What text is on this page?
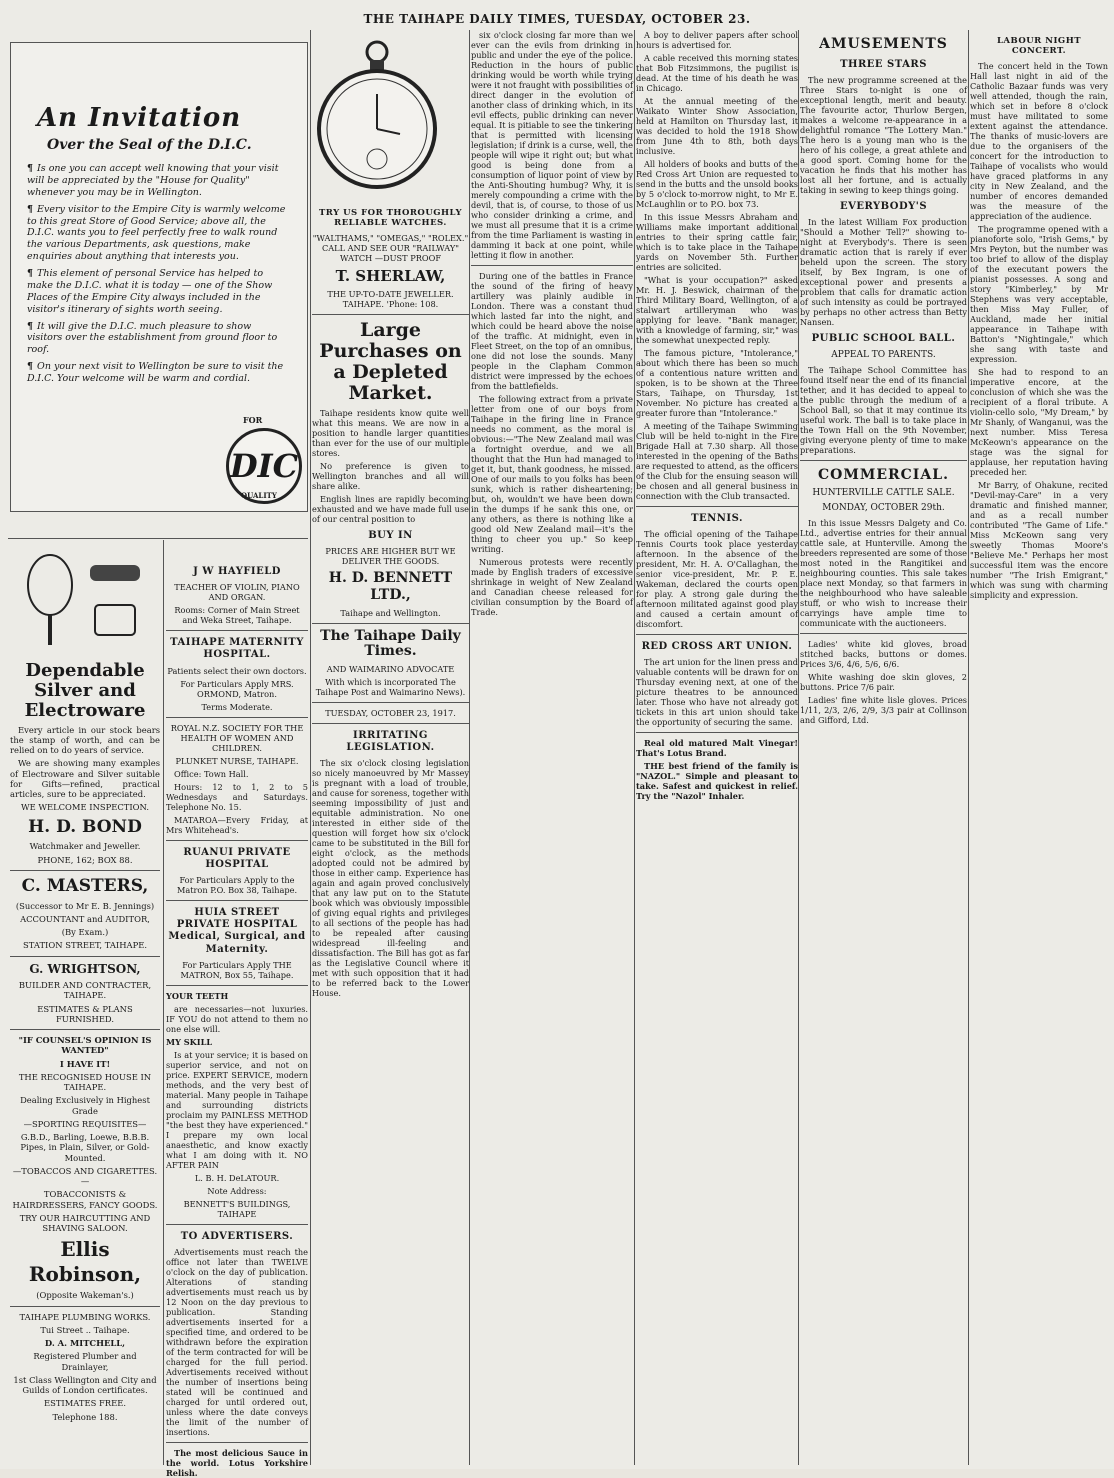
THE TAIHAPE DAILY TIMES, TUESDAY, OCTOBER 23.
An Invitation
Over the Seal of the D.I.C.

¶ Is one you can accept well knowing that your visit will be appreciated by the "House for Quality" whenever you may be in Wellington.

¶ Every visitor to the Empire City is warmly welcome to this great Store of Good Service; above all, the D.I.C. wants you to feel perfectly free to walk round the various Departments, ask questions, make enquiries about anything that interests you.

¶ This element of personal Service has helped to make the D.I.C. what it is today — one of the Show Places of the Empire City always included in the visitor's itinerary of sights worth seeing.

¶ It will give the D.I.C. much pleasure to show visitors over the establishment from ground floor to roof.

¶ On your next visit to Wellington be sure to visit the D.I.C. Your welcome will be warm and cordial.

FOR
DIC
QUALITY
Dependable Silver and Electroware

Every article in our stock bears the stamp of worth, and can be relied on to do years of service.

We are showing many examples of Electroware and Silver suitable for Gifts—refined, practical articles, sure to be appreciated.

WE WELCOME INSPECTION.

H. D. BOND

Watchmaker and Jeweller.

PHONE, 162; BOX 88.

C. MASTERS,

(Successor to Mr E. B. Jennings)

ACCOUNTANT and AUDITOR,

(By Exam.)

STATION STREET, TAIHAPE.

G. WRIGHTSON,

BUILDER AND CONTRACTER, TAIHAPE.

ESTIMATES & PLANS FURNISHED.

"IF COUNSEL'S OPINION IS WANTED"

I HAVE IT!

THE RECOGNISED HOUSE IN TAIHAPE.

Dealing Exclusively in Highest Grade

—SPORTING REQUISITES—

G.B.D., Barling, Loewe, B.B.B. Pipes, in Plain, Silver, or Gold-Mounted.

—TOBACCOS AND CIGARETTES.—

TOBACCONISTS & HAIRDRESSERS, FANCY GOODS.

TRY OUR HAIRCUTTING AND SHAVING SALOON.

Ellis Robinson,

(Opposite Wakeman's.)

TAIHAPE PLUMBING WORKS.

Tui Street .. Taihape.

D. A. MITCHELL,

Registered Plumber and Drainlayer,

1st Class Wellington and City and Guilds of London certificates.

ESTIMATES FREE.

Telephone 188.

J W HAYFIELD

TEACHER OF VIOLIN, PIANO AND ORGAN.

Rooms: Corner of Main Street and Weka Street, Taihape.

TAIHAPE MATERNITY HOSPITAL.

Patients select their own doctors.

For Particulars Apply MRS. ORMOND, Matron.

Terms Moderate.

ROYAL N.Z. SOCIETY FOR THE HEALTH OF WOMEN AND CHILDREN.

PLUNKET NURSE, TAIHAPE.

Office: Town Hall.

Hours: 12 to 1, 2 to 5 Wednesdays and Saturdays. Telephone No. 15.

MATAROA—Every Friday, at Mrs Whitehead's.

RUANUI PRIVATE HOSPITAL

For Particulars Apply to the Matron P.O. Box 38, Taihape.

HUIA STREET PRIVATE HOSPITAL Medical, Surgical, and Maternity.

For Particulars Apply THE MATRON, Box 55, Taihape.

YOUR TEETH

are necessaries—not luxuries. IF YOU do not attend to them no one else will.

MY SKILL

Is at your service; it is based on superior service, and not on price. EXPERT SERVICE, modern methods, and the very best of material. Many people in Taihape and surrounding districts proclaim my PAINLESS METHOD "the best they have experienced." I prepare my own local anaesthetic, and know exactly what I am doing with it. NO AFTER PAIN

L. B. H. DeLATOUR.

Note Address:

BENNETT'S BUILDINGS, TAIHAPE

TO ADVERTISERS.

Advertisements must reach the office not later than TWELVE o'clock on the day of publication. Alterations of standing advertisements must reach us by 12 Noon on the day previous to publication. Standing advertisements inserted for a specified time, and ordered to be withdrawn before the expiration of the term contracted for will be charged for the full period. Advertisements received without the number of insertions being stated will be continued and charged for until ordered out, unless where the date conveys the limit of the number of insertions.

The most delicious Sauce in the world. Lotus Yorkshire Relish.

TRY US FOR THOROUGHLY RELIABLE WATCHES.

"WALTHAMS," "OMEGAS," "ROLEX." CALL AND SEE OUR "RAILWAY" WATCH —DUST PROOF

T. SHERLAW,

THE UP-TO-DATE JEWELLER. TAIHAPE. 'Phone: 108.

Large Purchases on a Depleted Market.

Taihape residents know quite well what this means. We are now in a position to handle larger quantities than ever for the use of our multiple stores.

No preference is given to Wellington branches and all will share alike.

English lines are rapidly becoming exhausted and we have made full use of our central position to

BUY IN

PRICES ARE HIGHER BUT WE DELIVER THE GOODS.

H. D. BENNETT LTD.,

Taihape and Wellington.

The Taihape Daily Times.

AND WAIMARINO ADVOCATE

With which is incorporated The Taihape Post and Waimarino News).

TUESDAY, OCTOBER 23, 1917.

IRRITATING LEGISLATION.

The six o'clock closing legislation so nicely manoeuvred by Mr Massey is pregnant with a load of trouble, and cause for soreness, together with seeming impossibility of just and equitable administration. No one interested in either side of the question will forget how six o'clock came to be substituted in the Bill for eight o'clock, as the methods adopted could not be admired by those in either camp. Experience has again and again proved conclusively that any law put on to the Statute book which was obviously impossible of giving equal rights and privileges to all sections of the people has had to be repealed after causing widespread ill-feeling and dissatisfaction. The Bill has got as far as the Legislative Council where it met with such opposition that it had to be referred back to the Lower House.

six o'clock closing far more than we ever can the evils from drinking in public and under the eye of the police. Reduction in the hours of public drinking would be worth while trying were it not fraught with possibilities of direct danger in the evolution of another class of drinking which, in its evil effects, public drinking can never equal. It is pitiable to see the tinkering that is permitted with licensing legislation; if drink is a curse, well, the people will wipe it right out; but what good is being done from a consumption of liquor point of view by the Anti-Shouting humbug? Why, it is merely compounding a crime with the devil, that is, of course, to those of us who consider drinking a crime, and we must all presume that it is a crime from the time Parliament is wasting in damming it back at one point, while letting it flow in another.

During one of the battles in France the sound of the firing of heavy artillery was plainly audible in London. There was a constant thud which lasted far into the night, and which could be heard above the noise of the traffic. At midnight, even in Fleet Street, on the top of an omnibus, one did not lose the sounds. Many people in the Clapham Common district were impressed by the echoes from the battlefields.

The following extract from a private letter from one of our boys from Taihape in the firing line in France needs no comment, as the moral is obvious:—"The New Zealand mail was a fortnight overdue, and we all thought that the Hun had managed to get it, but, thank goodness, he missed. One of our mails to you folks has been sunk, which is rather disheartening; but, oh, wouldn't we have been down in the dumps if he sank this one, or any others, as there is nothing like a good old New Zealand mail—it's the thing to cheer you up." So keep writing.

Numerous protests were recently made by English traders of excessive shrinkage in weight of New Zealand and Canadian cheese released for civilian consumption by the Board of Trade.

A boy to deliver papers after school hours is advertised for.

A cable received this morning states that Bob Fitzsimmons, the pugilist is dead. At the time of his death he was in Chicago.

At the annual meeting of the Waikato Winter Show Association, held at Hamilton on Thursday last, it was decided to hold the 1918 Show from June 4th to 8th, both days inclusive.

All holders of books and butts of the Red Cross Art Union are requested to send in the butts and the unsold books by 5 o'clock to-morrow night, to Mr E. McLaughlin or to P.O. box 73.

In this issue Messrs Abraham and Williams make important additional entries to their spring cattle fair, which is to take place in the Taihape yards on November 5th. Further entries are solicited.

"What is your occupation?" asked Mr. H. J. Beswick, chairman of the Third Military Board, Wellington, of a stalwart artilleryman who was applying for leave. "Bank manager, with a knowledge of farming, sir," was the somewhat unexpected reply.

The famous picture, "Intolerance," about which there has been so much of a contentious nature written and spoken, is to be shown at the Three Stars, Taihape, on Thursday, 1st November. No picture has created a greater furore than "Intolerance."

A meeting of the Taihape Swimming Club will be held to-night in the Fire Brigade Hall at 7.30 sharp. All those interested in the opening of the Baths are requested to attend, as the officers of the Club for the ensuing season will be chosen and all general business in connection with the Club transacted.

TENNIS.

The official opening of the Taihape Tennis Courts took place yesterday afternoon. In the absence of the president, Mr. H. A. O'Callaghan, the senior vice-president, Mr. P. E. Wakeman, declared the courts open for play. A strong gale during the afternoon militated against good play and caused a certain amount of discomfort.

RED CROSS ART UNION.

The art union for the linen press and valuable contents will be drawn for on Thursday evening next, at one of the picture theatres to be announced later. Those who have not already got tickets in this art union should take the opportunity of securing the same.

Real old matured Malt Vinegar! That's Lotus Brand.

THE best friend of the family is "NAZOL." Simple and pleasant to take. Safest and quickest in relief. Try the "Nazol" Inhaler.

AMUSEMENTS
THREE STARS

The new programme screened at the Three Stars to-night is one of exceptional length, merit and beauty. The favourite actor, Thurlow Bergen, makes a welcome re-appearance in a delightful romance "The Lottery Man." The hero is a young man who is the hero of his college, a great athlete and a good sport. Coming home for the vacation he finds that his mother has lost all her fortune, and is actually taking in sewing to keep things going.

EVERYBODY'S

In the latest William Fox production "Should a Mother Tell?" showing to-night at Everybody's. There is seen dramatic action that is rarely if ever beheld upon the screen. The story itself, by Bex Ingram, is one of exceptional power and presents a problem that calls for dramatic action of such intensity as could be portrayed by perhaps no other actress than Betty Nansen.

PUBLIC SCHOOL BALL.
APPEAL TO PARENTS.

The Taihape School Committee has found itself near the end of its financial tether, and it has decided to appeal to the public through the medium of a School Ball, so that it may continue its useful work. The ball is to take place in the Town Hall on the 9th November, giving everyone plenty of time to make preparations.

COMMERCIAL.
HUNTERVILLE CATTLE SALE.
MONDAY, OCTOBER 29th.

In this issue Messrs Dalgety and Co. Ltd., advertise entries for their annual cattle sale, at Hunterville. Among the breeders represented are some of those most noted in the Rangitikei and neighbouring counties. This sale takes place next Monday, so that farmers in the neighbourhood who have saleable stuff, or who wish to increase their carryings have ample time to communicate with the auctioneers.

Ladies' white kid gloves, broad stitched backs, buttons or domes. Prices 3/6, 4/6, 5/6, 6/6.

White washing doe skin gloves, 2 buttons. Price 7/6 pair.

Ladies' fine white lisle gloves. Prices 1/11, 2/3, 2/6, 2/9, 3/3 pair at Collinson and Gifford, Ltd.

LABOUR NIGHT CONCERT.

The concert held in the Town Hall last night in aid of the Catholic Bazaar funds was very well attended, though the rain, which set in before 8 o'clock must have militated to some extent against the attendance. The thanks of music-lovers are due to the organisers of the concert for the introduction to Taihape of vocalists who would have graced platforms in any city in New Zealand, and the number of encores demanded was the measure of the appreciation of the audience.

The programme opened with a pianoforte solo, "Irish Gems," by Mrs Peyton, but the number was too brief to allow of the display of the executant powers the pianist possesses. A song and story "Kimberley," by Mr Stephens was very acceptable, then Miss May Fuller, of Auckland, made her initial appearance in Taihape with Batton's "Nightingale," which she sang with taste and expression.

She had to respond to an imperative encore, at the conclusion of which she was the recipient of a floral tribute. A violin-cello solo, "My Dream," by Mr Shanly, of Wanganui, was the next number. Miss Teresa McKeown's appearance on the stage was the signal for applause, her reputation having preceded her.

Mr Barry, of Ohakune, recited "Devil-may-Care" in a very dramatic and finished manner, and as a recall number contributed "The Game of Life." Miss McKeown sang very sweetly Thomas Moore's "Believe Me." Perhaps her most successful item was the encore number "The Irish Emigrant," which was sung with charming simplicity and expression.
